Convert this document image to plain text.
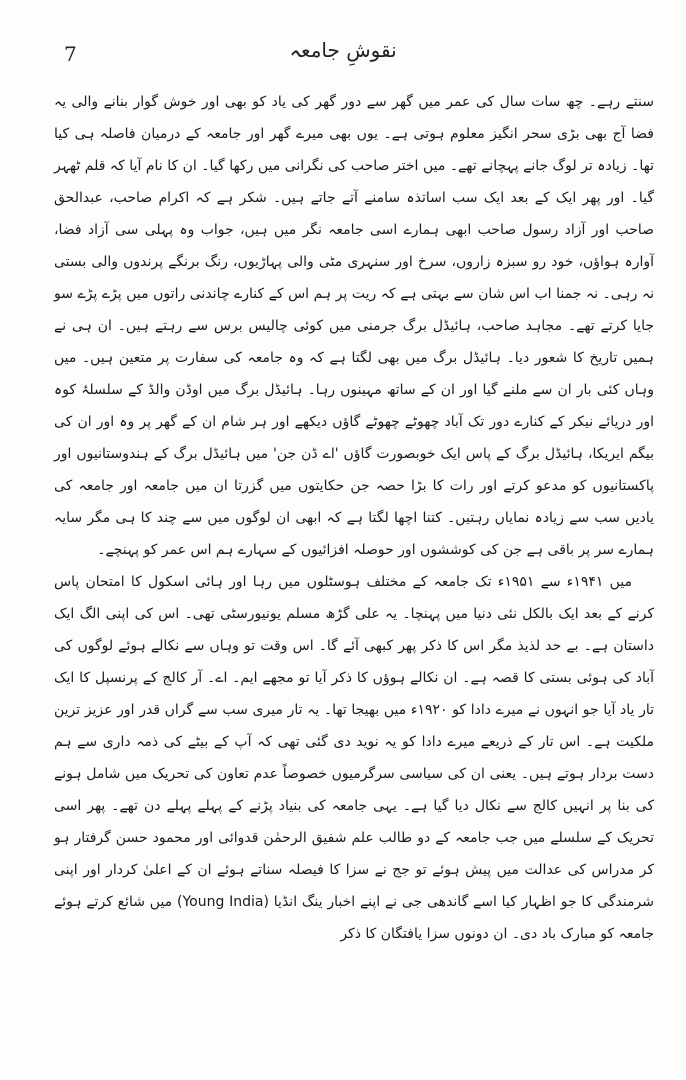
7	نقوشِ جامعہ

سنتے رہے۔ چھ سات سال کی عمر میں گھر سے دور گھر کی یاد کو بھی اور خوش گوار بنانے والی یہ فضا آج بھی بڑی سحر انگیز معلوم ہوتی ہے۔ یوں بھی میرے گھر اور جامعہ کے درمیان فاصلہ ہی کیا تھا۔ زیادہ تر لوگ جانے پہچانے تھے۔ میں اختر صاحب کی نگرانی میں رکھا گیا۔ ان کا نام آیا کہ قلم ٹھہر گیا۔ اور پھر ایک کے بعد ایک سب اساتذہ سامنے آتے جاتے ہیں۔ شکر ہے کہ اکرام صاحب، عبدالحق صاحب اور آزاد رسول صاحب ابھی ہمارے اسی جامعہ نگر میں ہیں، جواب وہ پہلی سی آزاد فضا، آوارہ ہواؤں، خود رو سبزہ زاروں، سرخ اور سنہری مٹی والی پہاڑیوں، رنگ برنگے پرندوں والی بستی نہ رہی۔ نہ جمنا اب اس شان سے بہتی ہے کہ ریت پر ہم اس کے کنارے چاندنی راتوں میں پڑے پڑے سو جایا کرتے تھے۔ مجاہد صاحب، ہائیڈل برگ جرمنی میں کوئی چالیس برس سے رہتے ہیں۔ ان ہی نے ہمیں تاریخ کا شعور دیا۔ ہائیڈل برگ میں بھی لگتا ہے کہ وہ جامعہ کی سفارت پر متعین ہیں۔ میں وہاں کئی بار ان سے ملنے گیا اور ان کے ساتھ مہینوں رہا۔ ہائیڈل برگ میں اوڈن والڈ کے سلسلۂ کوہ اور دریائے نیکر کے کنارے دور تک آباد چھوٹے چھوٹے گاؤں دیکھے اور ہر شام ان کے گھر پر وہ اور ان کی بیگم ایریکا، ہائیڈل برگ کے پاس ایک خوبصورت گاؤں 'اے ڈن جن' میں ہائیڈل برگ کے ہندوستانیوں اور پاکستانیوں کو مدعو کرتے اور رات کا بڑا حصہ جن حکایتوں میں گزرتا ان میں جامعہ اور جامعہ کی یادیں سب سے زیادہ نمایاں رہتیں۔ کتنا اچھا لگتا ہے کہ ابھی ان لوگوں میں سے چند کا ہی مگر سایہ ہمارے سر پر باقی ہے جن کی کوششوں اور حوصلہ افزائیوں کے سہارے ہم اس عمر کو پہنچے۔

میں ۱۹۴۱ء سے ۱۹۵۱ء تک جامعہ کے مختلف ہوسٹلوں میں رہا اور ہائی اسکول کا امتحان پاس کرنے کے بعد ایک بالکل نئی دنیا میں پہنچا۔ یہ علی گڑھ مسلم یونیورسٹی تھی۔ اس کی اپنی الگ ایک داستان ہے۔ بے حد لذیذ مگر اس کا ذکر پھر کبھی آئے گا۔ اس وقت تو وہاں سے نکالے ہوئے لوگوں کی آباد کی ہوئی بستی کا قصہ ہے۔ ان نکالے ہوؤں کا ذکر آیا تو مجھے ایم۔ اے۔ آر کالج کے پرنسپل کا ایک تار یاد آیا جو انہوں نے میرے دادا کو ۱۹۲۰ء میں بھیجا تھا۔ یہ تار میری سب سے گراں قدر اور عزیز ترین ملکیت ہے۔ اس تار کے ذریعے میرے دادا کو یہ نوید دی گئی تھی کہ آپ کے بیٹے کی ذمہ داری سے ہم دست بردار ہوتے ہیں۔ یعنی ان کی سیاسی سرگرمیوں خصوصاً عدم تعاون کی تحریک میں شامل ہونے کی بنا پر انہیں کالج سے نکال دیا گیا ہے۔ یہی جامعہ کی بنیاد پڑنے کے پہلے پہلے دن تھے۔ پھر اسی تحریک کے سلسلے میں جب جامعہ کے دو طالب علم شفیق الرحمٰن قدوائی اور محمود حسن گرفتار ہو کر مدراس کی عدالت میں پیش ہوئے تو جج نے سزا کا فیصلہ سناتے ہوئے ان کے اعلیٰ کردار اور اپنی شرمندگی کا جو اظہار کیا اسے گاندھی جی نے اپنے اخبار ینگ انڈیا (Young India) میں شائع کرتے ہوئے جامعہ کو مبارک باد دی۔ ان دونوں سزا یافتگان کا ذکر
